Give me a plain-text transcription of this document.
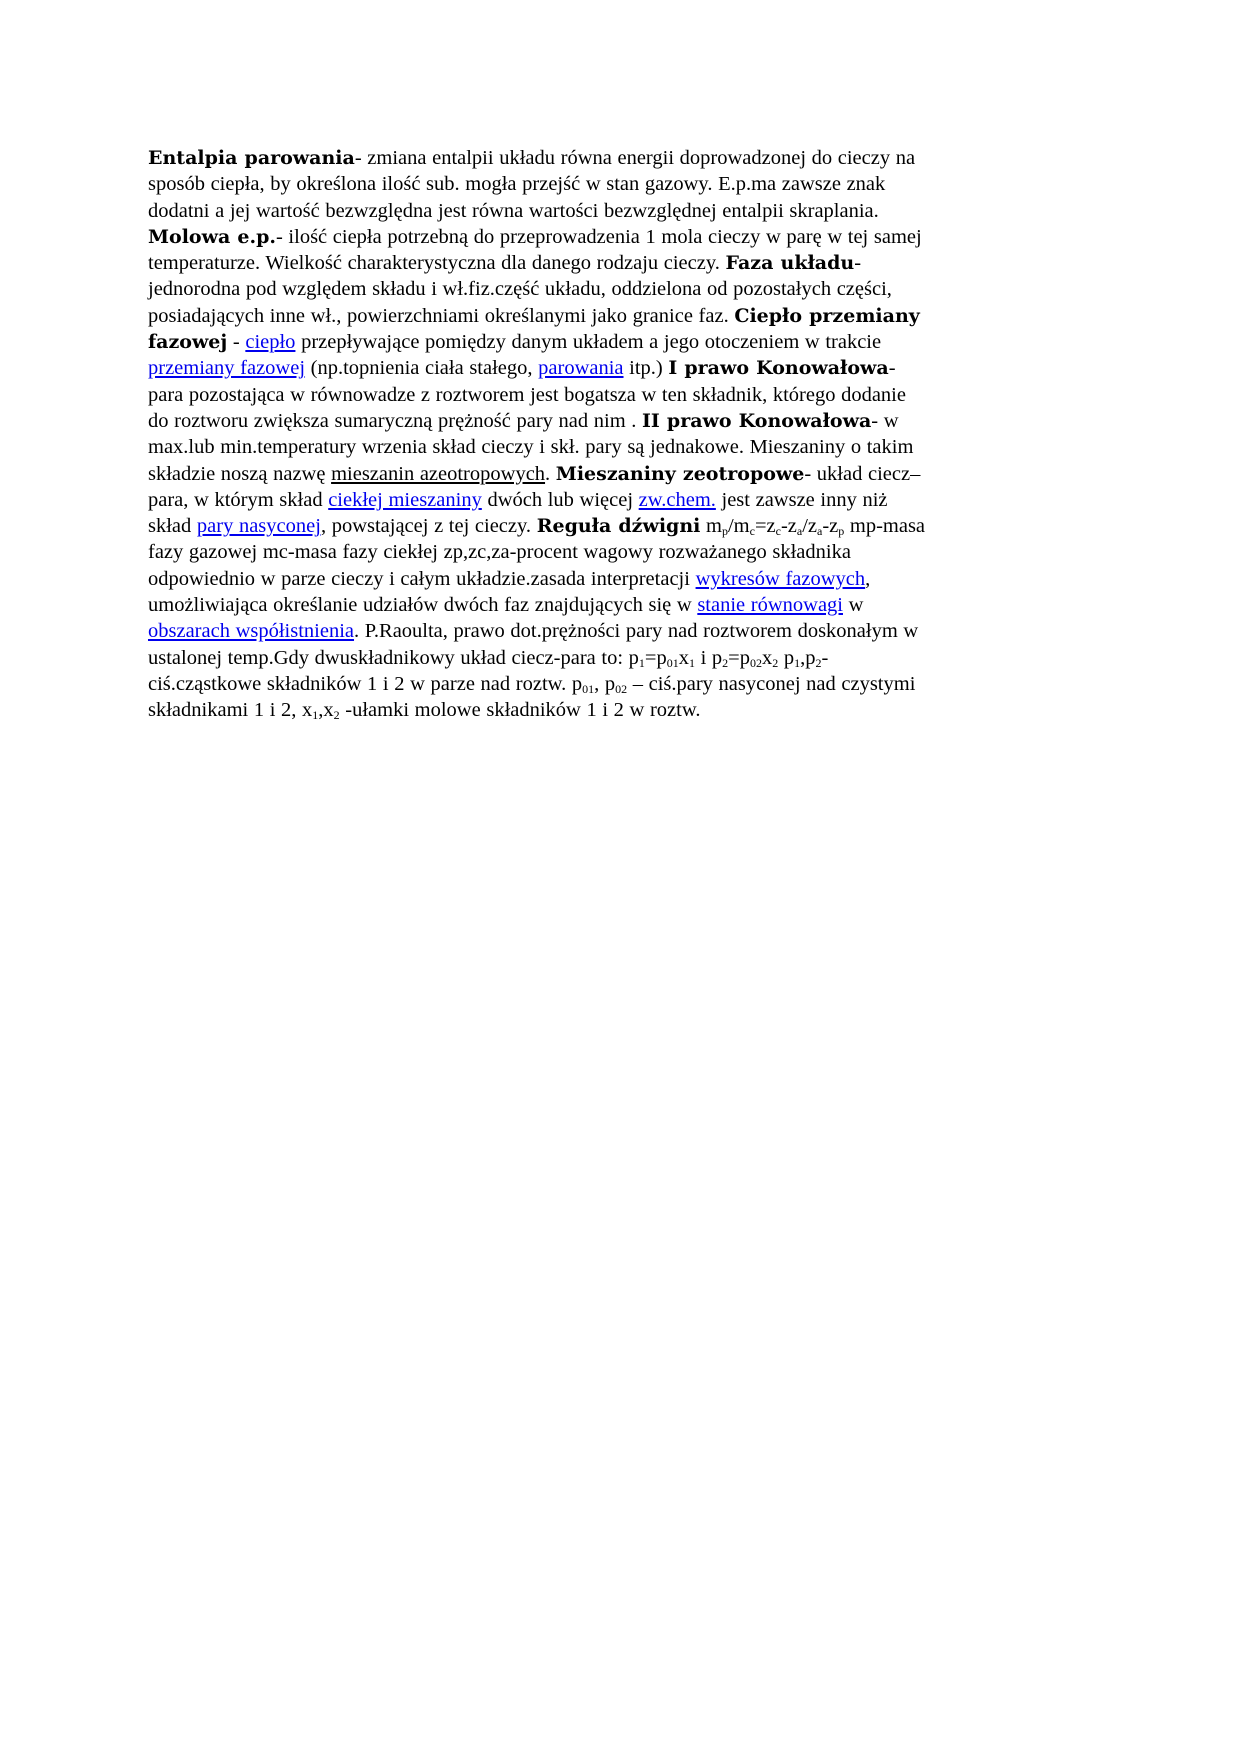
Entalpia parowania- zmiana entalpii układu równa energii doprowadzonej do cieczy na sposób ciepła, by określona ilość sub. mogła przejść w stan gazowy. E.p.ma zawsze znak dodatni a jej wartość bezwzględna jest równa wartości bezwzględnej entalpii skraplania. Molowa e.p.- ilość ciepła potrzebną do przeprowadzenia 1 mola cieczy w parę w tej samej temperaturze. Wielkość charakterystyczna dla danego rodzaju cieczy. Faza układu- jednorodna pod względem składu i wł.fiz.część układu, oddzielona od pozostałych części, posiadających inne wł., powierzchniami określanymi jako granice faz. Ciepło przemiany fazowej - ciepło przepływające pomiędzy danym układem a jego otoczeniem w trakcie przemiany fazowej (np.topnienia ciała stałego, parowania itp.) I prawo Konowałowa- para pozostająca w równowadze z roztworem jest bogatsza w ten składnik, którego dodanie do roztworu zwiększa sumaryczną prężność pary nad nim . II prawo Konowałowa- w max.lub min.temperatury wrzenia skład cieczy i skł. pary są jednakowe. Mieszaniny o takim składzie noszą nazwę mieszanin azeotropowych. Mieszaniny zeotropowe- układ ciecz–para, w którym skład ciekłej mieszaniny dwóch lub więcej zw.chem. jest zawsze inny niż skład pary nasyconej, powstającej z tej cieczy. Reguła dźwigni $m_p/m_c=z_c-z_a/z_a-z_p$ mp-masa fazy gazowej mc-masa fazy ciekłej zp,zc,za-procent wagowy rozważanego składnika odpowiednio w parze cieczy i całym układzie.zasada interpretacji wykresów fazowych, umożliwiająca określanie udziałów dwóch faz znajdujących się w stanie równowagi w obszarach współistnienia. P.Raoulta, prawo dot.prężności pary nad roztworem doskonałym w ustalonej temp.Gdy dwuskładnikowy układ ciecz-para to: $p_1=p_{01}x_1$ i $p_2=p_{02}x_2$ $p_1,p_2-$ ciś.cząstkowe składników 1 i 2 w parze nad roztw. $p_{01}$, $p_{02}$ – ciś.pary nasyconej nad czystymi składnikami 1 i 2, $x_1,x_2$ -ułamki molowe składników 1 i 2 w roztw.
